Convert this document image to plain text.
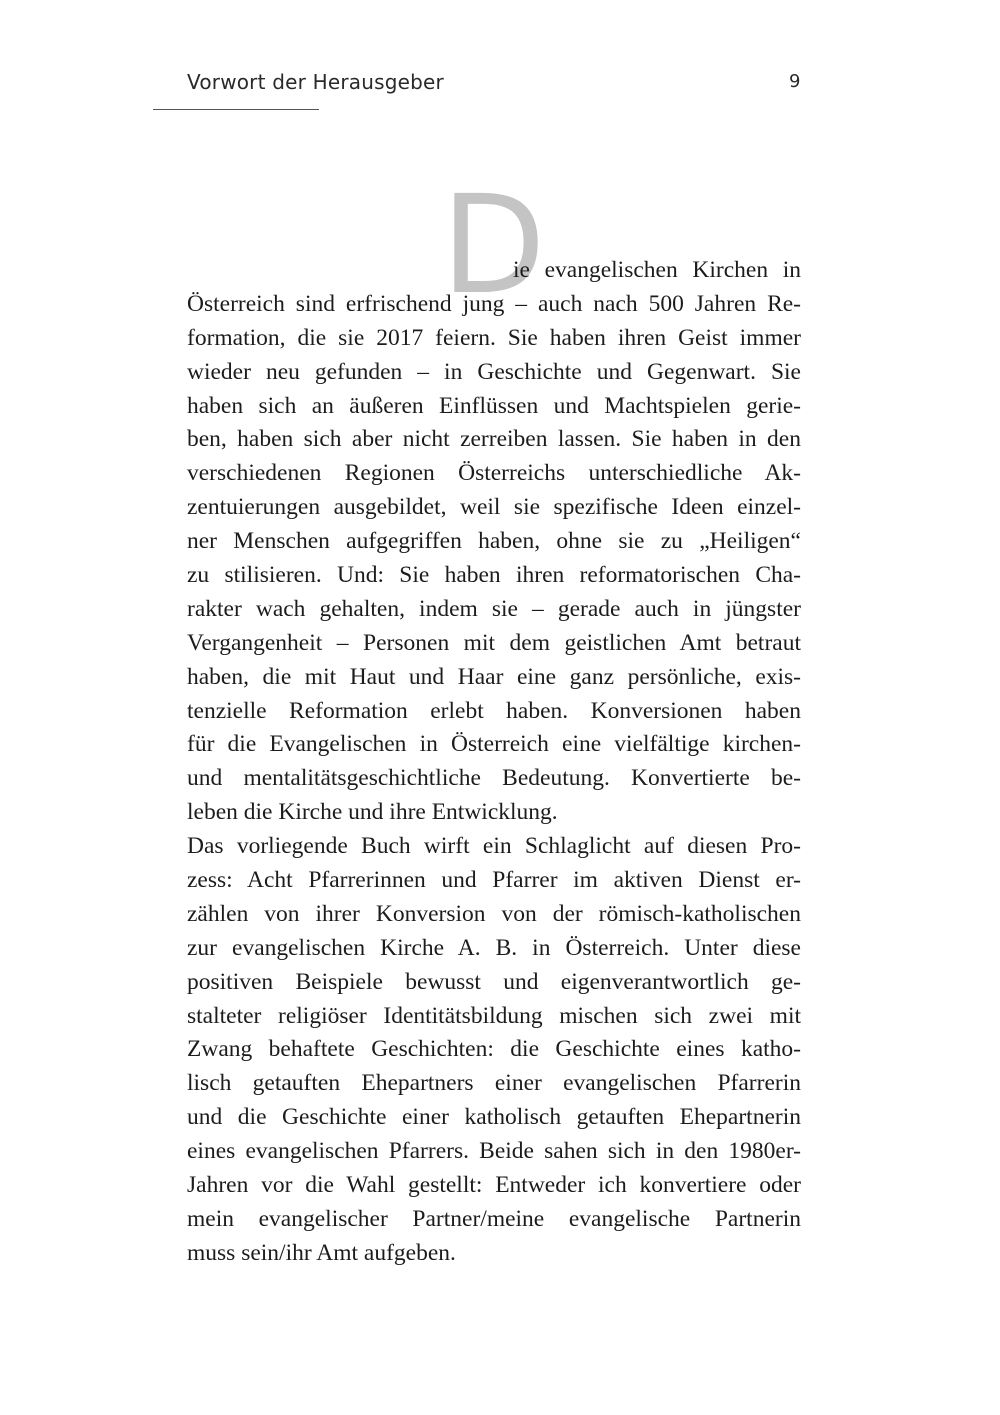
Vorwort der Herausgeber	9
D
ie evangelischen Kirchen in
Österreich sind erfrischend jung – auch nach 500 Jahren Re-
formation, die sie 2017 feiern. Sie haben ihren Geist immer
wieder neu gefunden – in Geschichte und Gegenwart. Sie
haben sich an äußeren Einflüssen und Machtspielen gerie-
ben, haben sich aber nicht zerreiben lassen. Sie haben in den
verschiedenen Regionen Österreichs unterschiedliche Ak-
zentuierungen ausgebildet, weil sie spezifische Ideen einzel-
ner Menschen aufgegriffen haben, ohne sie zu „Heiligen“
zu stilisieren. Und: Sie haben ihren reformatorischen Cha-
rakter wach gehalten, indem sie – gerade auch in jüngster
Vergangenheit – Personen mit dem geistlichen Amt betraut
haben, die mit Haut und Haar eine ganz persönliche, exis-
tenzielle Reformation erlebt haben. Konversionen haben
für die Evangelischen in Österreich eine vielfältige kirchen-
und mentalitätsgeschichtliche Bedeutung. Konvertierte be-
leben die Kirche und ihre Entwicklung.
Das vorliegende Buch wirft ein Schlaglicht auf diesen Pro-
zess: Acht Pfarrerinnen und Pfarrer im aktiven Dienst er-
zählen von ihrer Konversion von der römisch-katholischen
zur evangelischen Kirche A. B. in Österreich. Unter diese
positiven Beispiele bewusst und eigenverantwortlich ge-
stalteter religiöser Identitätsbildung mischen sich zwei mit
Zwang behaftete Geschichten: die Geschichte eines katho-
lisch getauften Ehepartners einer evangelischen Pfarrerin
und die Geschichte einer katholisch getauften Ehepartnerin
eines evangelischen Pfarrers. Beide sahen sich in den 1980er-
Jahren vor die Wahl gestellt: Entweder ich konvertiere oder
mein evangelischer Partner/meine evangelische Partnerin
muss sein/ihr Amt aufgeben.
